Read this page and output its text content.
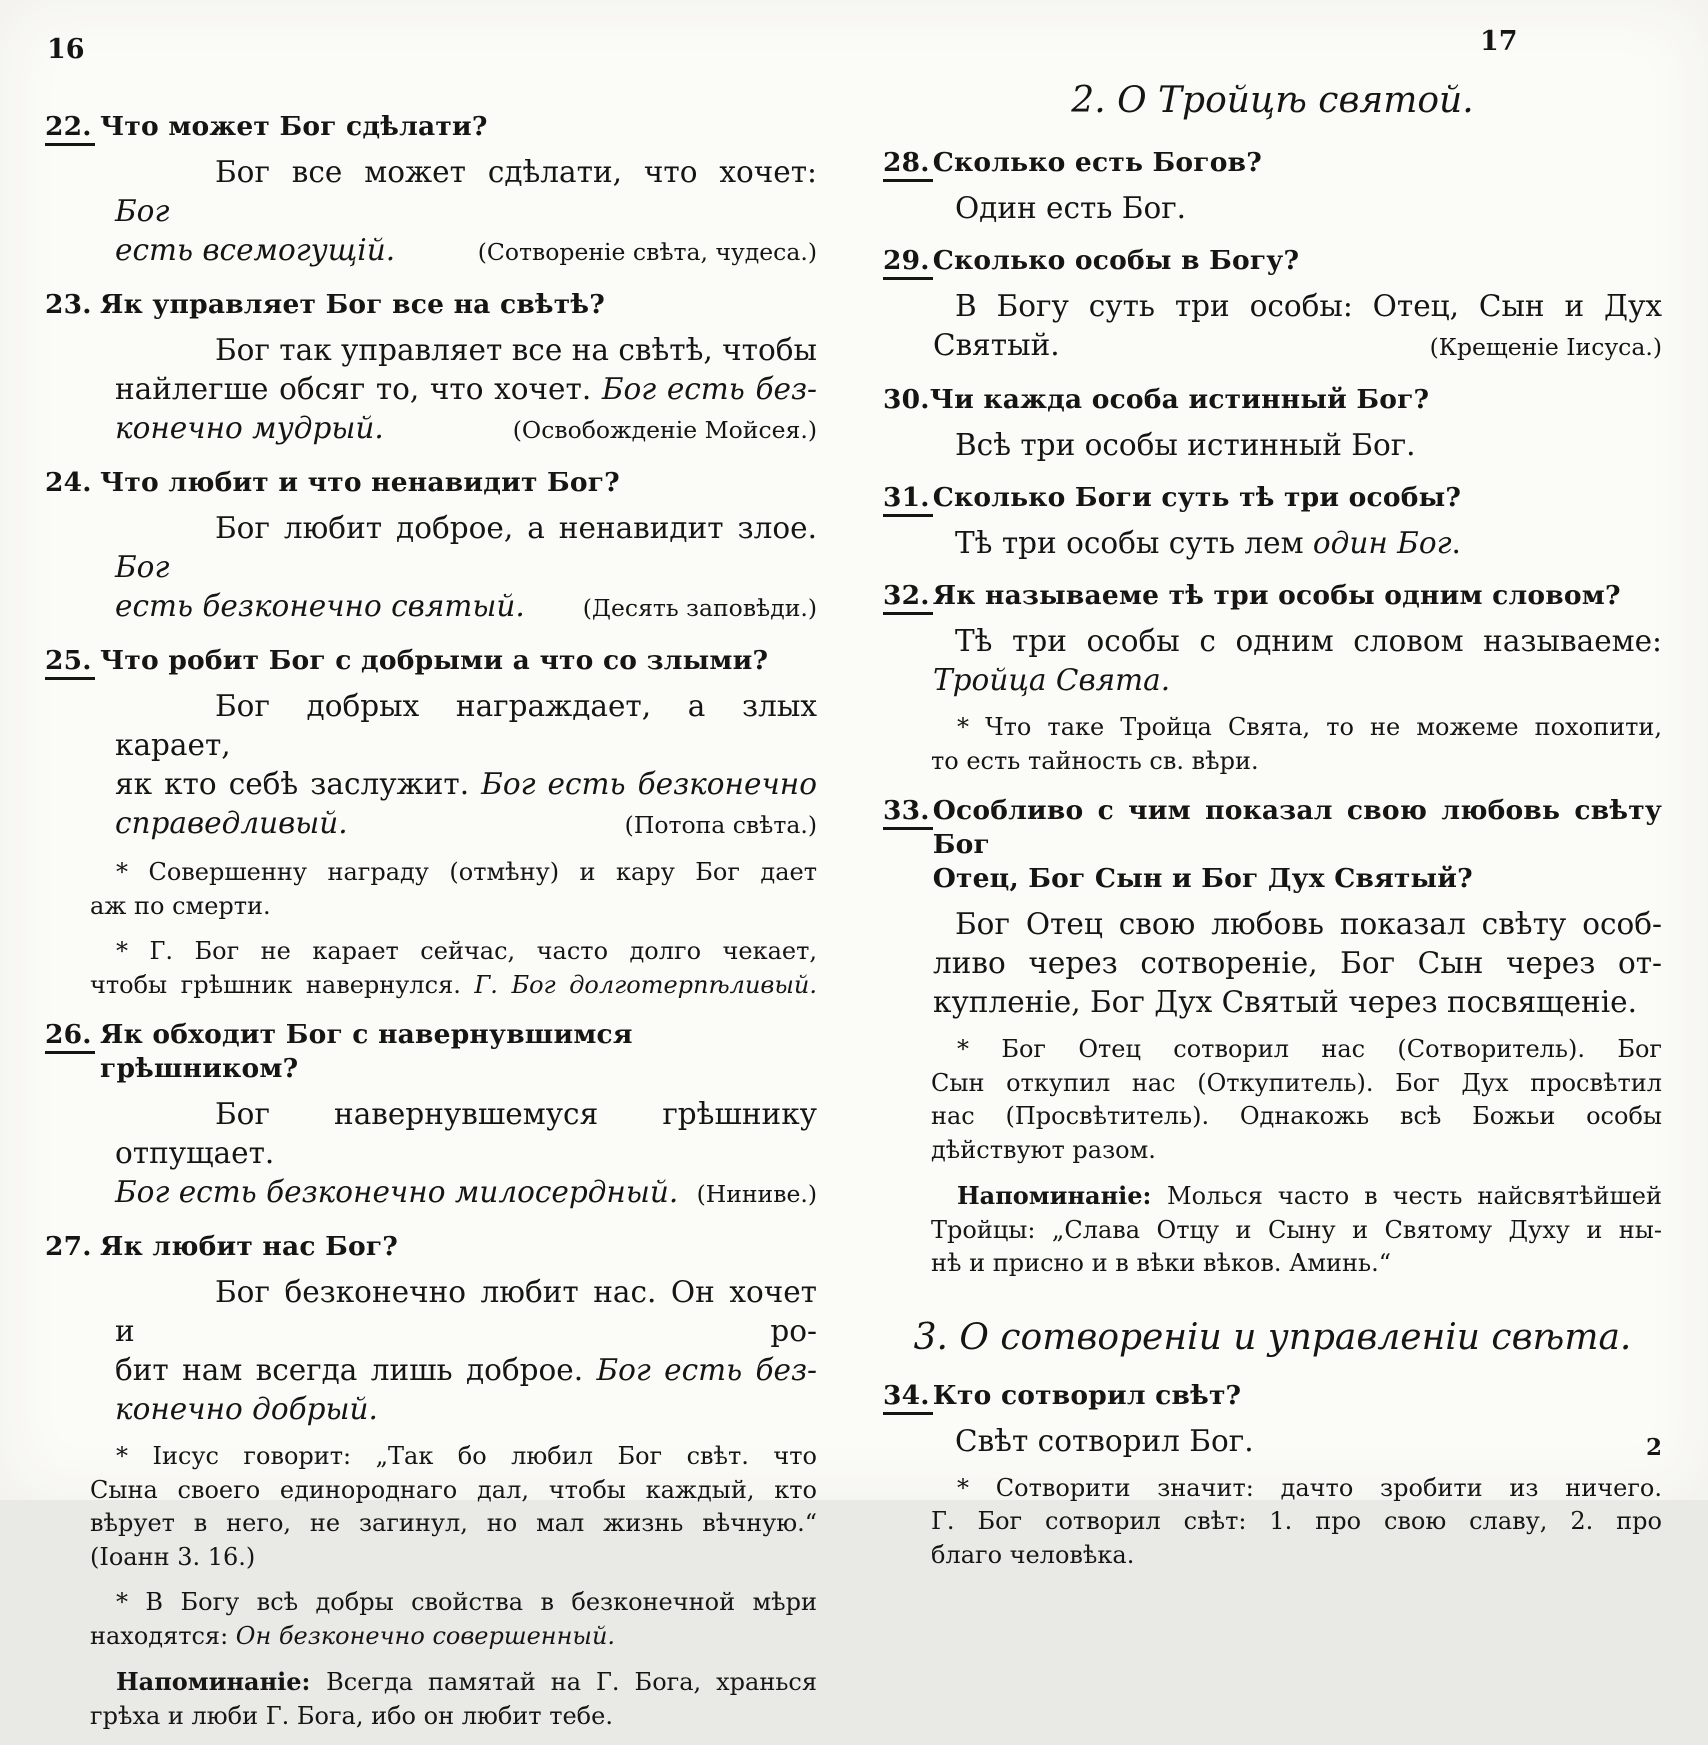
16	17
22. Что может Бог сдѣлати?
Бог все может сдѣлати, что хочет: Бог
есть всемогущій.	(Сотвореніе свѣта, чудеса.)
23. Як управляет Бог все на свѣтѣ?
Бог так управляет все на свѣтѣ, чтобы
найлегше обсяг то, что хочет. Бог есть без-
конечно мудрый.	(Освобожденіе Мойсея.)
24. Что любит и что ненавидит Бог?
Бог любит доброе, а ненавидит злое. Бог
есть безконечно святый.	(Десять заповѣди.)
25. Что робит Бог с добрыми а что со злыми?
Бог добрых награждает, а злых карает,
як кто себѣ заслужит. Бог есть безконечно
справедливый.	(Потопа свѣта.)
* Совершенну награду (отмѣну) и кару Бог дает
аж по смерти.
* Г. Бог не карает сейчас, часто долго чекает,
чтобы грѣшник навернулся. Г. Бог долготерпѣливый.
26. Як обходит Бог с навернувшимся грѣшником?
Бог навернувшемуся грѣшнику отпущает.
Бог есть безконечно милосердный. (Ниниве.)
27. Як любит нас Бог?
Бог безконечно любит нас. Он хочет и ро-
бит нам всегда лишь доброе. Бог есть без-
конечно добрый.
* Іисус говорит: „Так бо любил Бог свѣт. что
Сына своего единороднаго дал, чтобы каждый, кто
вѣрует в него, не загинул, но мал жизнь вѣчную.“
(Іоанн 3. 16.)
* В Богу всѣ добры свойства в безконечной мѣри
находятся: Он безконечно совершенный.
Напоминаніе: Всегда памятай на Г. Бога, хранься
грѣха и люби Г. Бога, ибо он любит тебе.
2. О Тройцѣ святой.
28. Сколько есть Богов?
Один есть Бог.
29. Сколько особы в Богу?
В Богу суть три особы: Отец, Сын и Дух
Святый.	(Крещеніе Іисуса.)
30. Чи кажда особа истинный Бог?
Всѣ три особы истинный Бог.
31. Сколько Боги суть тѣ три особы?
Тѣ три особы суть лем один Бог.
32. Як называеме тѣ три особы одним словом?
Тѣ три особы с одним словом называеме:
Тройца Свята.
* Что таке Тройца Свята, то не можеме похопити,
то есть тайность св. вѣри.
33. Особливо с чим показал свою любовь свѣту Бог
Отец, Бог Сын и Бог Дух Святый?
Бог Отец свою любовь показал свѣту особ-
ливо через сотвореніе, Бог Сын через от-
купленіе, Бог Дух Святый через посвященіе.
* Бог Отец сотворил нас (Сотворитель). Бог
Сын откупил нас (Откупитель). Бог Дух просвѣтил
нас (Просвѣтитель). Однакожь всѣ Божьи особы
дѣйствуют разом.
Напоминаніе: Молься часто в честь найсвятѣйшей
Тройцы: „Слава Отцу и Сыну и Святому Духу и ны-
нѣ и присно и в вѣки вѣков. Аминь.“
3. О сотвореніи и управленіи свѣта.
34. Кто сотворил свѣт?
Свѣт сотворил Бог.
* Сотворити значит: дачто зробити из ничего.
Г. Бог сотворил свѣт: 1. про свою славу, 2. про
благо человѣка.
2
